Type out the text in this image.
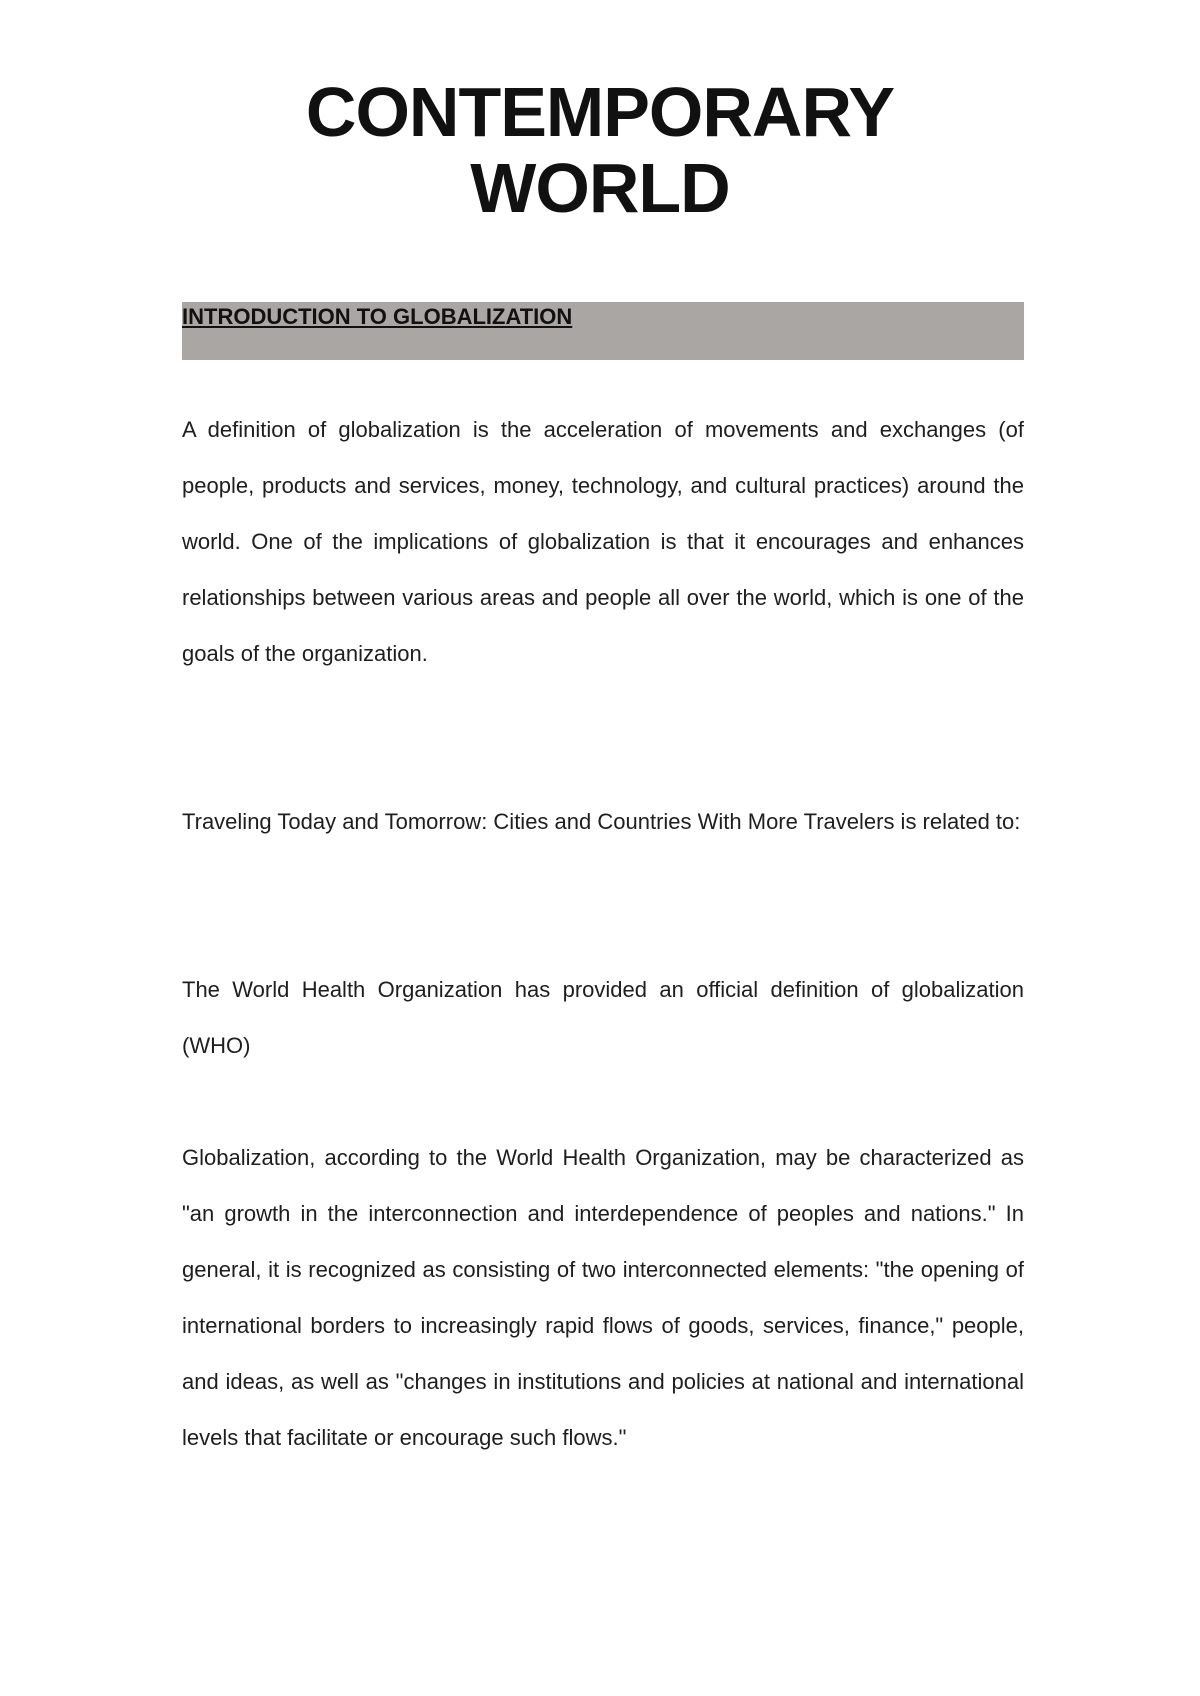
CONTEMPORARY
WORLD
INTRODUCTION TO GLOBALIZATION

A definition of globalization is the acceleration of movements and exchanges (of people, products and services, money, technology, and cultural practices) around the world. One of the implications of globalization is that it encourages and enhances relationships between various areas and people all over the world, which is one of the goals of the organization.

Traveling Today and Tomorrow: Cities and Countries With More Travelers is related to:

The World Health Organization has provided an official definition of globalization (WHO)

Globalization, according to the World Health Organization, may be characterized as "an growth in the interconnection and interdependence of peoples and nations." In general, it is recognized as consisting of two interconnected elements: "the opening of international borders to increasingly rapid flows of goods, services, finance," people, and ideas, as well as "changes in institutions and policies at national and international levels that facilitate or encourage such flows."
